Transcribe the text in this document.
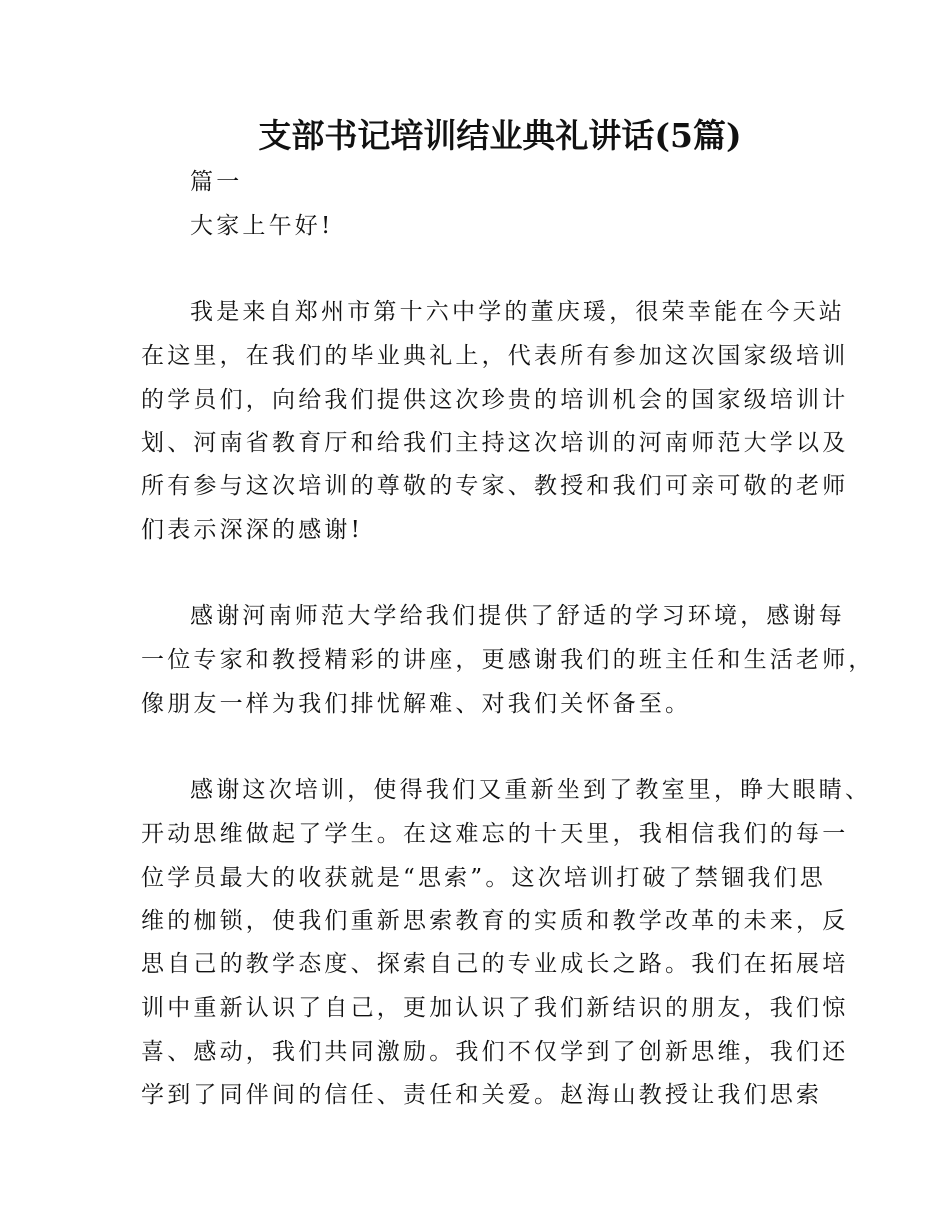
支部书记培训结业典礼讲话(5篇)
篇一
大家上午好!
我是来自郑州市第十六中学的董庆瑗，很荣幸能在今天站
在这里，在我们的毕业典礼上，代表所有参加这次国家级培训
的学员们，向给我们提供这次珍贵的培训机会的国家级培训计
划、河南省教育厅和给我们主持这次培训的河南师范大学以及
所有参与这次培训的尊敬的专家、教授和我们可亲可敬的老师
们表示深深的感谢!
感谢河南师范大学给我们提供了舒适的学习环境，感谢每
一位专家和教授精彩的讲座，更感谢我们的班主任和生活老师，
像朋友一样为我们排忧解难、对我们关怀备至。
感谢这次培训，使得我们又重新坐到了教室里，睁大眼睛、
开动思维做起了学生。在这难忘的十天里，我相信我们的每一
位学员最大的收获就是“思索”。这次培训打破了禁锢我们思
维的枷锁，使我们重新思索教育的实质和教学改革的未来，反
思自己的教学态度、探索自己的专业成长之路。我们在拓展培
训中重新认识了自己，更加认识了我们新结识的朋友，我们惊
喜、感动，我们共同激励。我们不仅学到了创新思维，我们还
学到了同伴间的信任、责任和关爱。赵海山教授让我们思索
